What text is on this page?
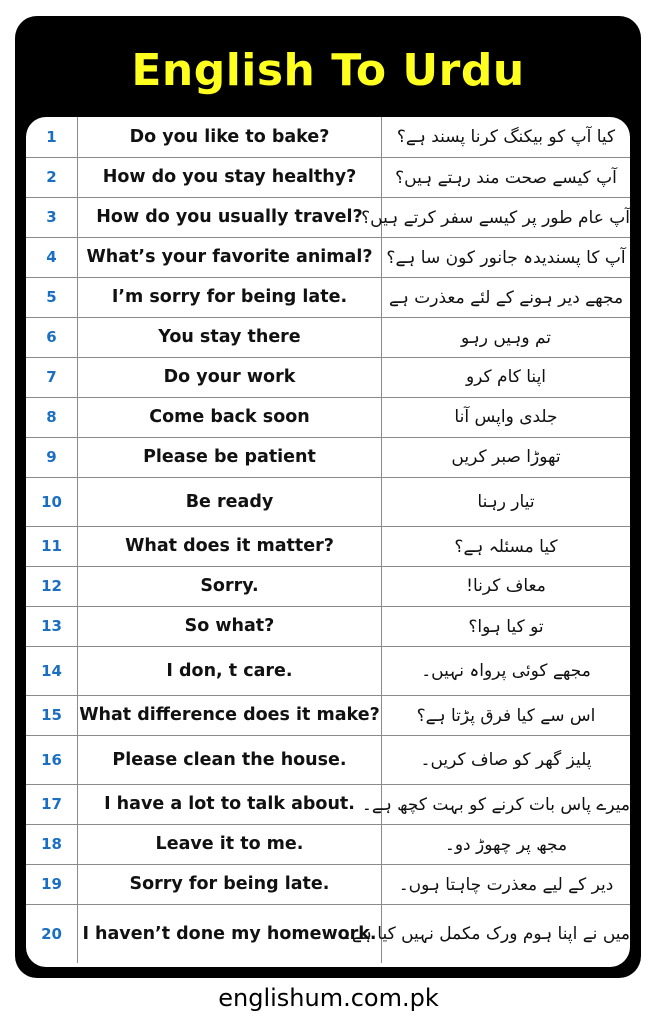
English To Urdu
1	Do you like to bake?	کیا آپ کو بیکنگ کرنا پسند ہے؟
2	How do you stay healthy?	آپ کیسے صحت مند رہتے ہیں؟
3	How do you usually travel?	آپ عام طور پر کیسے سفر کرتے ہیں؟
4	What’s your favorite animal?	آپ کا پسندیدہ جانور کون سا ہے؟
5	I’m sorry for being late.	مجھے دیر ہونے کے لئے معذرت ہے
6	You stay there	تم وہیں رہو
7	Do your work	اپنا کام کرو
8	Come back soon	جلدی واپس آنا
9	Please be patient	تھوڑا صبر کریں
10	Be ready	تیار رہنا
11	What does it matter?	کیا مسئلہ ہے؟
12	Sorry.	معاف کرنا!
13	So what?	تو کیا ہوا؟
14	I don, t care.	مجھے کوئی پرواہ نہیں۔
15	What difference does it make?	اس سے کیا فرق پڑتا ہے؟
16	Please clean the house.	پلیز گھر کو صاف کریں۔
17	I have a lot to talk about.	میرے پاس بات کرنے کو بہت کچھ ہے۔
18	Leave it to me.	مجھ پر چھوڑ دو۔
19	Sorry for being late.	دیر کے لیے معذرت چاہتا ہوں۔
20	I haven’t done my homework.	میں نے اپنا ہوم ورک مکمل نہیں کیا ہے۔
englishum.com.pk
